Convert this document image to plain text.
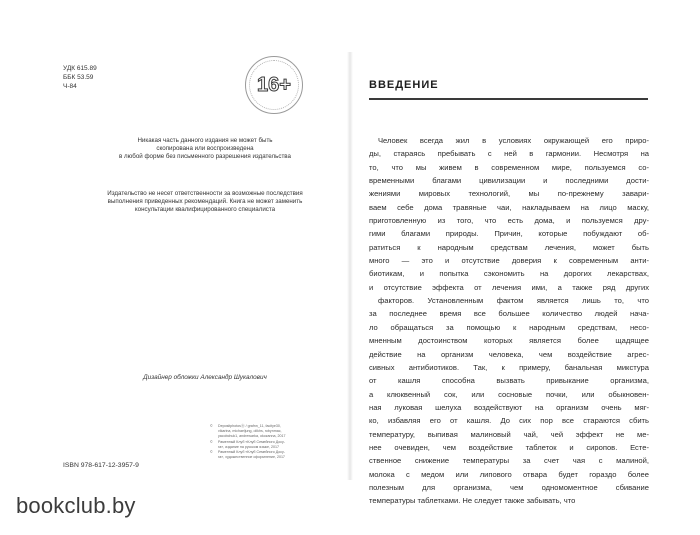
УДК 615.89
ББК 53.59
Ч-84	16+
Никакая часть данного издания не может быть
скопирована или воспроизведена
в любой форме без письменного разрешения издательства
Издательство не несет ответственности за возможные последствия
выполнения приведенных рекомендаций. Книга не может заменить
консультации квалифицированного специалиста
Дизайнер обложки Александр Шукалович
©	DepositphotosⓇ / grafnn_11, facitye30,
vikarina, michaeljung, olikhs, robynmac,
yacobchuk1, andrewarka, okozanna, 2017
©	Раменный Клуб «Клуб Семейного Досу-
га», издание на русском языке, 2017
©	Раменный Клуб «Клуб Семейного Досу-
га», художественное оформление, 2017
ISBN 978-617-12-3957-9
ВВЕДЕНИЕ
Человек всегда жил в условиях окружающей его приро-
ды, стараясь пребывать с ней в гармонии. Несмотря на
то, что мы живем в современном мире, пользуемся со-
временными благами цивилизации и последними дости-
жениями мировых технологий, мы по-прежнему завари-
ваем себе дома травяные чаи, накладываем на лицо маску,
приготовленную из того, что есть дома, и пользуемся дру-
гими благами природы. Причин, которые побуждают об-
ратиться к народным средствам лечения, может быть
много — это и отсутствие доверия к современным анти-
биотикам, и попытка сэкономить на дорогих лекарствах,
и отсутствие эффекта от лечения ими, а также ряд других
факторов. Установленным фактом является лишь то, что
за последнее время все большее количество людей нача-
ло обращаться за помощью к народным средствам, несо-
мненным достоинством которых является более щадящее
действие на организм человека, чем воздействие агрес-
сивных антибиотиков. Так, к примеру, банальная микстура
от кашля способна вызвать привыкание организма,
а клюквенный сок, или сосновые почки, или обыкновен-
ная луковая шелуха воздействуют на организм очень мяг-
ко, избавляя его от кашля. До сих пор все стараются сбить
температуру, выпивая малиновый чай, чей эффект не ме-
нее очевиден, чем воздействие таблеток и сиропов. Есте-
ственное снижение температуры за счет чая с малиной,
молока с медом или липового отвара будет гораздо более
полезным для организма, чем одномоментное сбивание
температуры таблетками. Не следует также забывать, что
bookclub.by
